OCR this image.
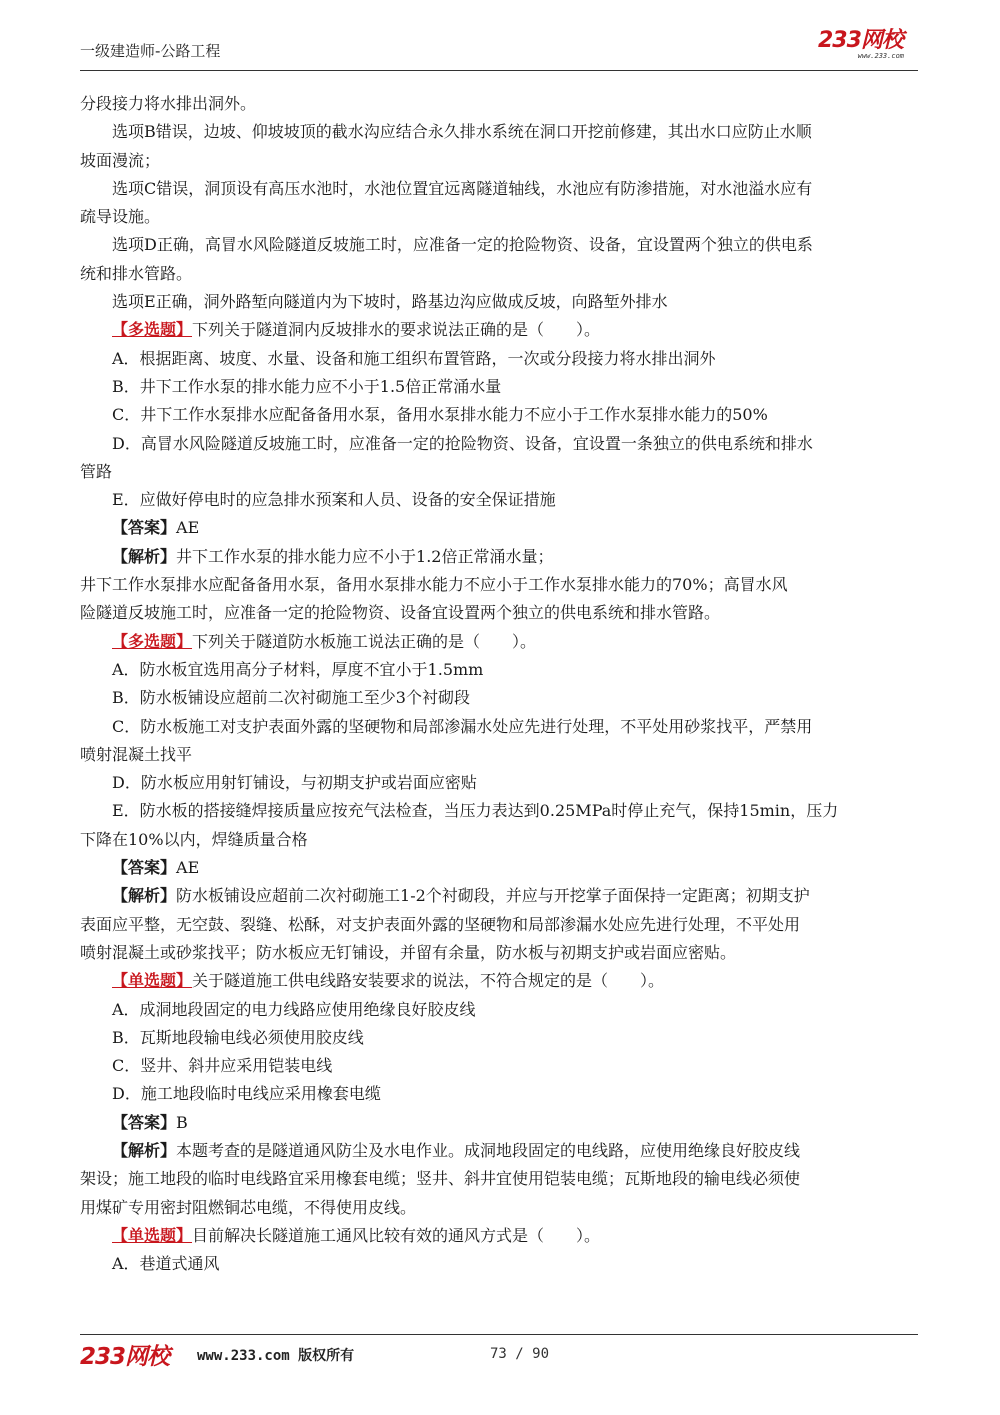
一级建造师-公路工程	233网校
www.233.com

分段接力将水排出洞外。

选项B错误，边坡、仰坡坡顶的截水沟应结合永久排水系统在洞口开挖前修建，其出水口应防止水顺

坡面漫流；

选项C错误，洞顶设有高压水池时，水池位置宜远离隧道轴线，水池应有防渗措施，对水池溢水应有

疏导设施。

选项D正确，高冒水风险隧道反坡施工时，应准备一定的抢险物资、设备，宜设置两个独立的供电系

统和排水管路。

选项E正确，洞外路堑向隧道内为下坡时，路基边沟应做成反坡，向路堑外排水

【多选题】下列关于隧道洞内反坡排水的要求说法正确的是（　　）。

A．根据距离、坡度、水量、设备和施工组织布置管路，一次或分段接力将水排出洞外

B．井下工作水泵的排水能力应不小于1.5倍正常涌水量

C．井下工作水泵排水应配备备用水泵，备用水泵排水能力不应小于工作水泵排水能力的50%

D．高冒水风险隧道反坡施工时，应准备一定的抢险物资、设备，宜设置一条独立的供电系统和排水

管路

E．应做好停电时的应急排水预案和人员、设备的安全保证措施

【答案】AE

【解析】井下工作水泵的排水能力应不小于1.2倍正常涌水量；

井下工作水泵排水应配备备用水泵，备用水泵排水能力不应小于工作水泵排水能力的70%；高冒水风

险隧道反坡施工时，应准备一定的抢险物资、设备宜设置两个独立的供电系统和排水管路。

【多选题】下列关于隧道防水板施工说法正确的是（　　）。

A．防水板宜选用高分子材料，厚度不宜小于1.5mm

B．防水板铺设应超前二次衬砌施工至少3个衬砌段

C．防水板施工对支护表面外露的坚硬物和局部渗漏水处应先进行处理，不平处用砂浆找平，严禁用

喷射混凝土找平

D．防水板应用射钉铺设，与初期支护或岩面应密贴

E．防水板的搭接缝焊接质量应按充气法检查，当压力表达到0.25MPa时停止充气，保持15min，压力

下降在10%以内，焊缝质量合格

【答案】AE

【解析】防水板铺设应超前二次衬砌施工1-2个衬砌段，并应与开挖掌子面保持一定距离；初期支护

表面应平整，无空鼓、裂缝、松酥，对支护表面外露的坚硬物和局部渗漏水处应先进行处理，不平处用

喷射混凝土或砂浆找平；防水板应无钉铺设，并留有余量，防水板与初期支护或岩面应密贴。

【单选题】关于隧道施工供电线路安装要求的说法，不符合规定的是（　　）。

A．成洞地段固定的电力线路应使用绝缘良好胶皮线

B．瓦斯地段输电线必须使用胶皮线

C．竖井、斜井应采用铠装电线

D．施工地段临时电线应采用橡套电缆

【答案】B

【解析】本题考查的是隧道通风防尘及水电作业。成洞地段固定的电线路，应使用绝缘良好胶皮线

架设；施工地段的临时电线路宜采用橡套电缆；竖井、斜井宜使用铠装电缆；瓦斯地段的输电线必须使

用煤矿专用密封阻燃铜芯电缆，不得使用皮线。

【单选题】目前解决长隧道施工通风比较有效的通风方式是（　　）。

A．巷道式通风

233网校 www.233.com 版权所有	73 / 90
